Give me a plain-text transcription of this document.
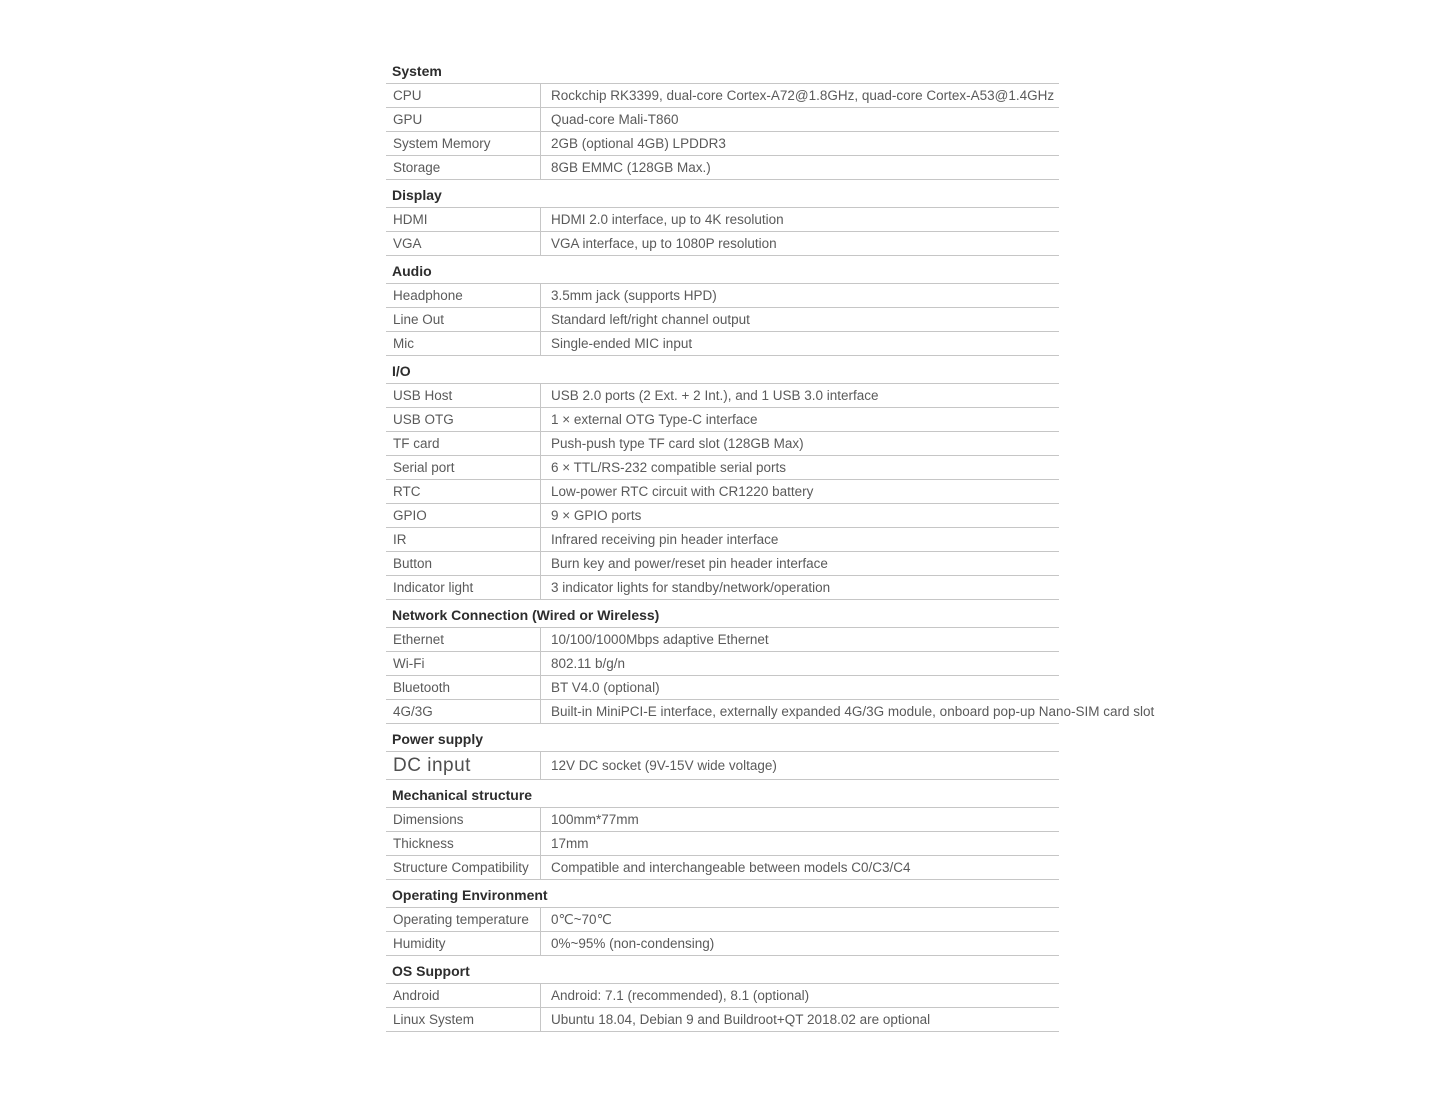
System
CPU	Rockchip RK3399, dual-core Cortex-A72@1.8GHz, quad-core Cortex-A53@1.4GHz
GPU	Quad-core Mali-T860
System Memory	2GB (optional 4GB) LPDDR3
Storage	8GB EMMC (128GB Max.)
Display
HDMI	HDMI 2.0 interface, up to 4K resolution
VGA	VGA interface, up to 1080P resolution
Audio
Headphone	3.5mm jack (supports HPD)
Line Out	Standard left/right channel output
Mic	Single-ended MIC input
I/O
USB Host	USB 2.0 ports (2 Ext. + 2 Int.), and 1 USB 3.0 interface
USB OTG	1 × external OTG Type-C interface
TF card	Push-push type TF card slot (128GB Max)
Serial port	6 × TTL/RS-232 compatible serial ports
RTC	Low-power RTC circuit with CR1220 battery
GPIO	9 × GPIO ports
IR	Infrared receiving pin header interface
Button	Burn key and power/reset pin header interface
Indicator light	3 indicator lights for standby/network/operation
Network Connection (Wired or Wireless)
Ethernet	10/100/1000Mbps adaptive Ethernet
Wi-Fi	802.11 b/g/n
Bluetooth	BT V4.0 (optional)
4G/3G	Built-in MiniPCI-E interface, externally expanded 4G/3G module, onboard pop-up Nano-SIM card slot
Power supply
DC input	12V DC socket (9V-15V wide voltage)
Mechanical structure
Dimensions	100mm*77mm
Thickness	17mm
Structure Compatibility	Compatible and interchangeable between models C0/C3/C4
Operating Environment
Operating temperature	0℃~70℃
Humidity	0%~95% (non-condensing)
OS Support
Android	Android: 7.1 (recommended), 8.1 (optional)
Linux System	Ubuntu 18.04, Debian 9 and Buildroot+QT 2018.02 are optional
